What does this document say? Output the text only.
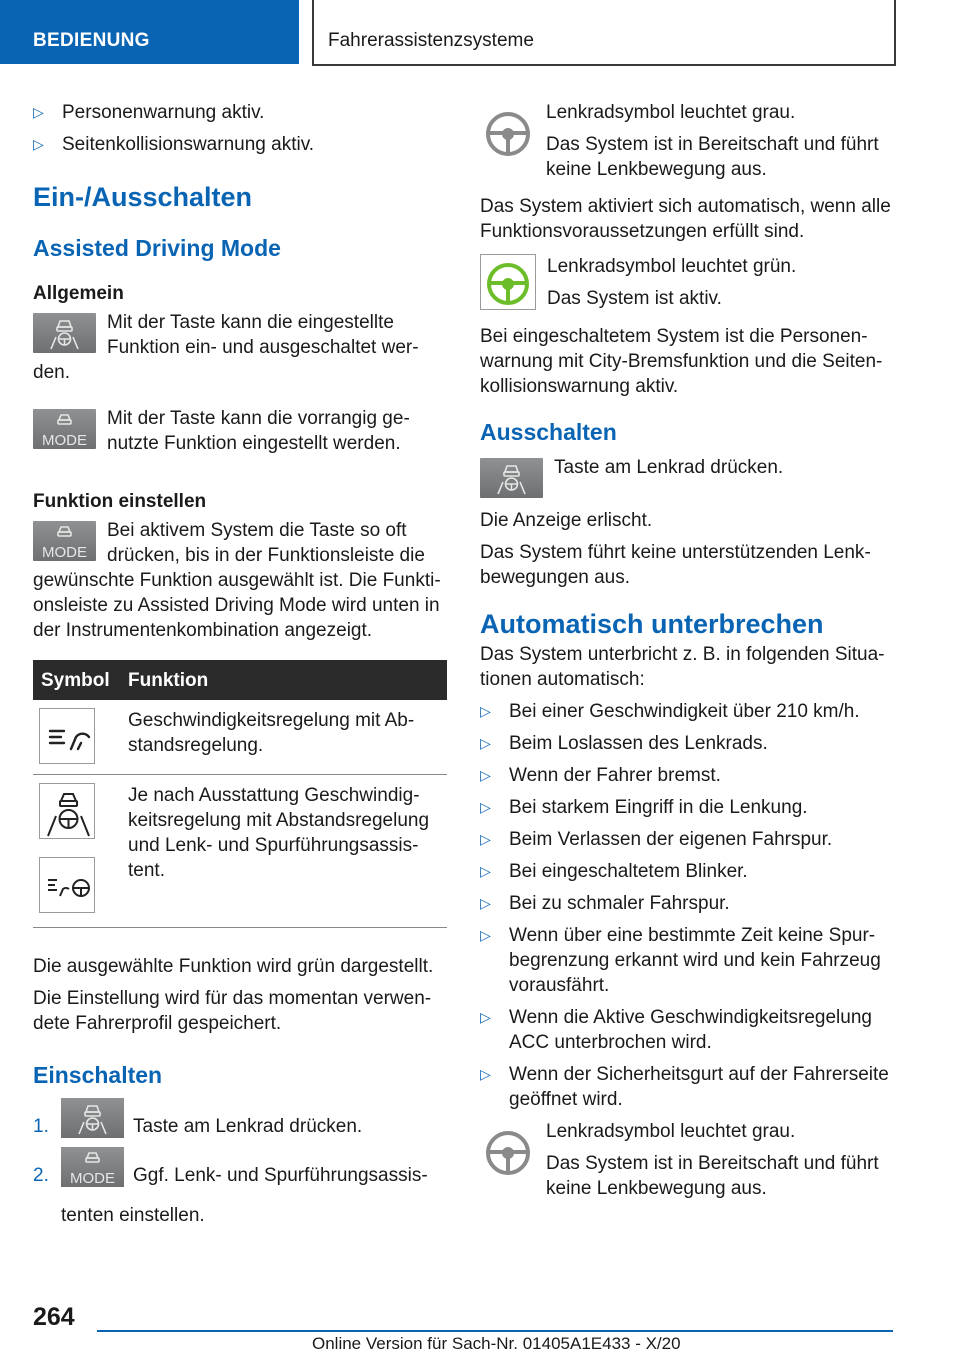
BEDIENUNG	Fahrerassistenzsysteme
▷ Personenwarnung aktiv.
▷ Seitenkollisionswarnung aktiv.
Ein-/Ausschalten
Assisted Driving Mode
Allgemein

Mit der Taste kann die eingestellte Funktion ein- und ausgeschaltet werden.

MODE

Mit der Taste kann die vorrangig genutzte Funktion eingestellt werden.

Funktion einstellen
MODE

Bei aktivem System die Taste so oft drücken, bis in der Funktionsleiste die gewünschte Funktion ausgewählt ist. Die Funktionsleiste zu Assisted Driving Mode wird unten in der Instrumentenkombination angezeigt.

Symbol	Funktion

	Geschwindigkeitsregelung mit Abstandsregelung.

	Je nach Ausstattung Geschwindigkeitsregelung mit Abstandsregelung und Lenk- und Spurführungsassistent.

Die ausgewählte Funktion wird grün dargestellt.

Die Einstellung wird für das momentan verwendete Fahrerprofil gespeichert.

Einschalten
1.	Taste am Lenkrad drücken.
2.	MODE Ggf. Lenk- und Spurführungsassistenten einstellen.

Lenkradsymbol leuchtet grau.

Das System ist in Bereitschaft und führt keine Lenkbewegung aus.

Das System aktiviert sich automatisch, wenn alle Funktionsvoraussetzungen erfüllt sind.

Lenkradsymbol leuchtet grün.

Das System ist aktiv.

Bei eingeschaltetem System ist die Personenwarnung mit City-Bremsfunktion und die Seitenkollisionswarnung aktiv.

Ausschalten

Taste am Lenkrad drücken.

Die Anzeige erlischt.

Das System führt keine unterstützenden Lenkbewegungen aus.

Automatisch unterbrechen

Das System unterbricht z. B. in folgenden Situationen automatisch:

▷ Bei einer Geschwindigkeit über 210 km/h.
▷ Beim Loslassen des Lenkrads.
▷ Wenn der Fahrer bremst.
▷ Bei starkem Eingriff in die Lenkung.
▷ Beim Verlassen der eigenen Fahrspur.
▷ Bei eingeschaltetem Blinker.
▷ Bei zu schmaler Fahrspur.
▷ Wenn über eine bestimmte Zeit keine Spurbegrenzung erkannt wird und kein Fahrzeug vorausfährt.
▷ Wenn die Aktive Geschwindigkeitsregelung ACC unterbrochen wird.
▷ Wenn der Sicherheitsgurt auf der Fahrerseite geöffnet wird.

Lenkradsymbol leuchtet grau.

Das System ist in Bereitschaft und führt keine Lenkbewegung aus.

264
Online Version für Sach-Nr. 01405A1E433 - X/20
